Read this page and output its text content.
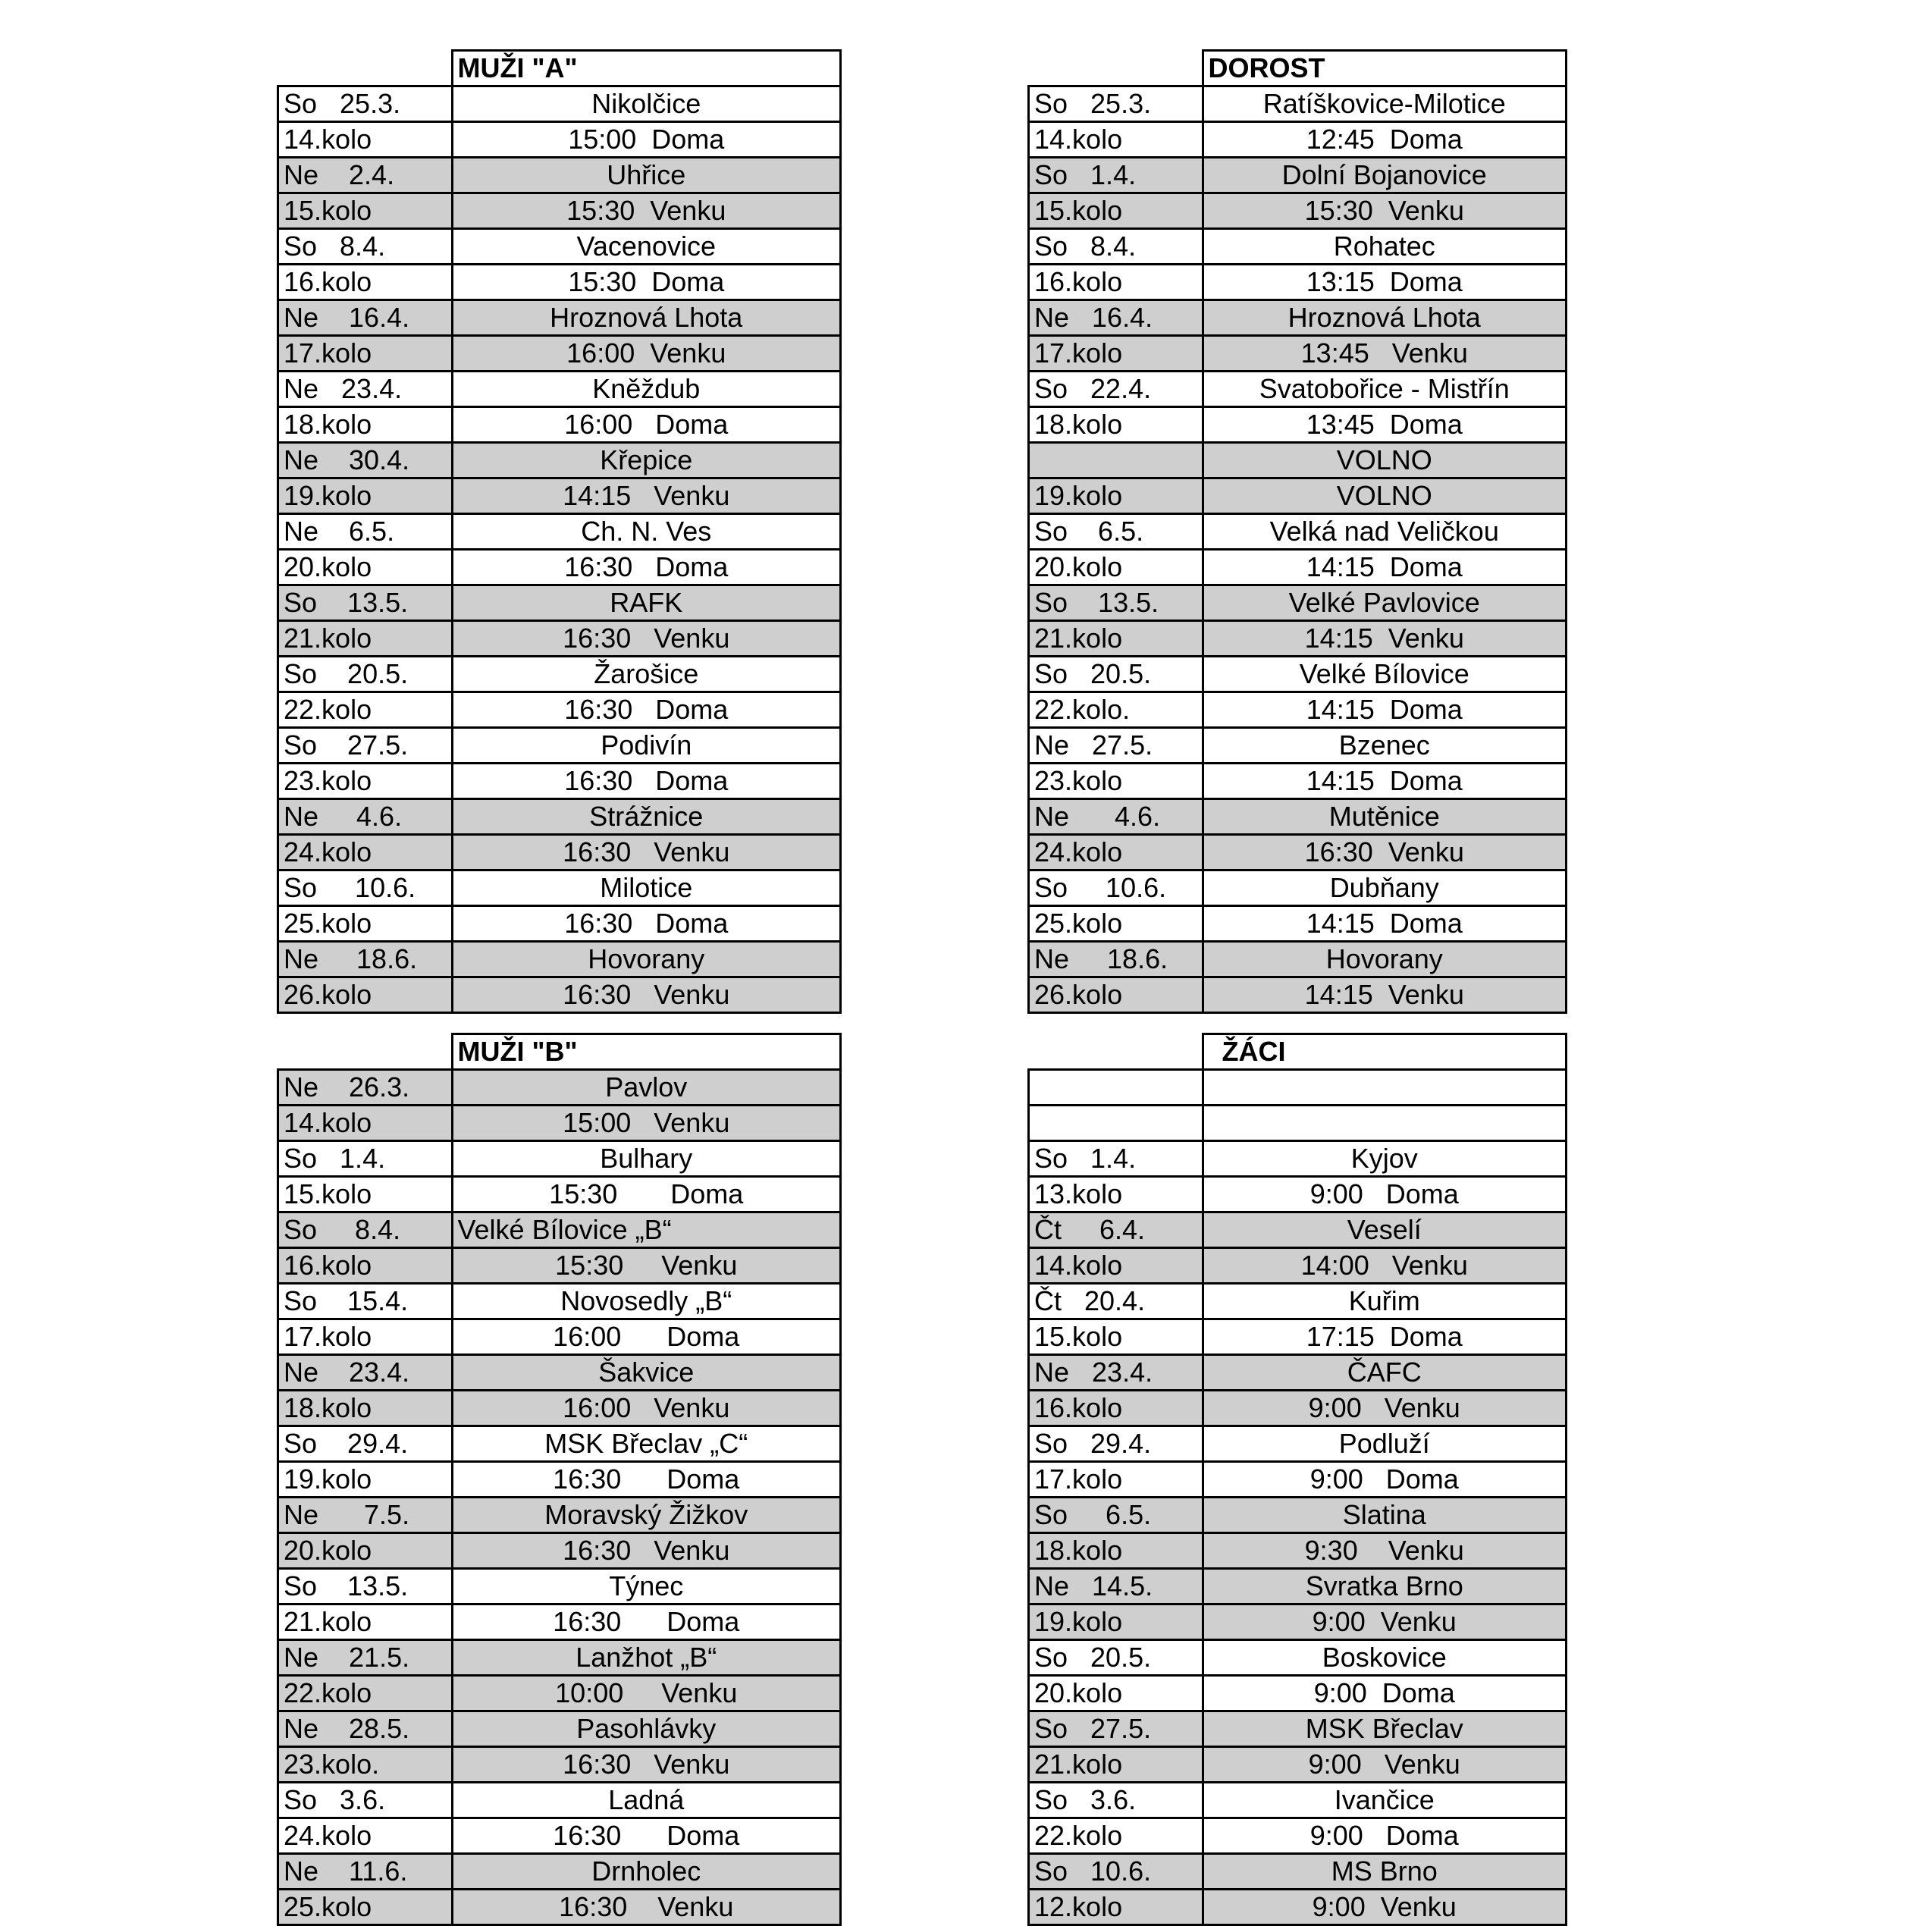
	MUŽI "A"
So   25.3.	Nikolčice
14.kolo	15:00  Doma
Ne    2.4.	Uhřice
15.kolo	15:30  Venku
So   8.4.	Vacenovice
16.kolo	15:30  Doma
Ne    16.4.	Hroznová Lhota
17.kolo	16:00  Venku
Ne   23.4.	Kněždub
18.kolo	16:00   Doma
Ne    30.4.	Křepice
19.kolo	14:15   Venku
Ne    6.5.	Ch. N. Ves
20.kolo	16:30   Doma
So    13.5.	RAFK
21.kolo	16:30   Venku
So    20.5.	Žarošice
22.kolo	16:30   Doma
So    27.5.	Podivín
23.kolo	16:30   Doma
Ne     4.6.	Strážnice
24.kolo	16:30   Venku
So     10.6.	Milotice
25.kolo	16:30   Doma
Ne     18.6.	Hovorany
26.kolo	16:30   Venku
	DOROST
So   25.3.	Ratíškovice-Milotice
14.kolo	12:45  Doma
So   1.4.	Dolní Bojanovice
15.kolo	15:30  Venku
So   8.4.	Rohatec
16.kolo	13:15  Doma
Ne   16.4.	Hroznová Lhota
17.kolo	13:45   Venku
So   22.4.	Svatobořice - Mistřín
18.kolo	13:45  Doma
	VOLNO
19.kolo	VOLNO
So    6.5.	Velká nad Veličkou
20.kolo	14:15  Doma
So    13.5.	Velké Pavlovice
21.kolo	14:15  Venku
So   20.5.	Velké Bílovice
22.kolo.	14:15  Doma
Ne   27.5.	Bzenec
23.kolo	14:15  Doma
Ne      4.6.	Mutěnice
24.kolo	16:30  Venku
So     10.6.	Dubňany
25.kolo	14:15  Doma
Ne     18.6.	Hovorany
26.kolo	14:15  Venku
	MUŽI "B"
Ne    26.3.	Pavlov
14.kolo	15:00   Venku
So   1.4.	Bulhary
15.kolo	15:30       Doma
So     8.4.	Velké Bílovice „B“
16.kolo	15:30     Venku
So    15.4.	Novosedly „B“
17.kolo	16:00      Doma
Ne    23.4.	Šakvice
18.kolo	16:00   Venku
So    29.4.	MSK Břeclav „C“
19.kolo	16:30      Doma
Ne      7.5.	Moravský Žižkov
20.kolo	16:30   Venku
So    13.5.	Týnec
21.kolo	16:30      Doma
Ne    21.5.	Lanžhot „B“
22.kolo	10:00     Venku
Ne    28.5.	Pasohlávky
23.kolo.	16:30   Venku
So   3.6.	Ladná
24.kolo	16:30      Doma
Ne    11.6.	Drnholec
25.kolo	16:30    Venku
	ŽÁCI

So   1.4.	Kyjov
13.kolo	9:00   Doma
Čt     6.4.	Veselí
14.kolo	14:00   Venku
Čt   20.4.	Kuřim
15.kolo	17:15  Doma
Ne   23.4.	ČAFC
16.kolo	9:00   Venku
So   29.4.	Podluží
17.kolo	9:00   Doma
So     6.5.	Slatina
18.kolo	9:30    Venku
Ne   14.5.	Svratka Brno
19.kolo	9:00  Venku
So   20.5.	Boskovice
20.kolo	9:00  Doma
So   27.5.	MSK Břeclav
21.kolo	9:00   Venku
So   3.6.	Ivančice
22.kolo	9:00   Doma
So   10.6.	MS Brno
12.kolo	9:00  Venku
